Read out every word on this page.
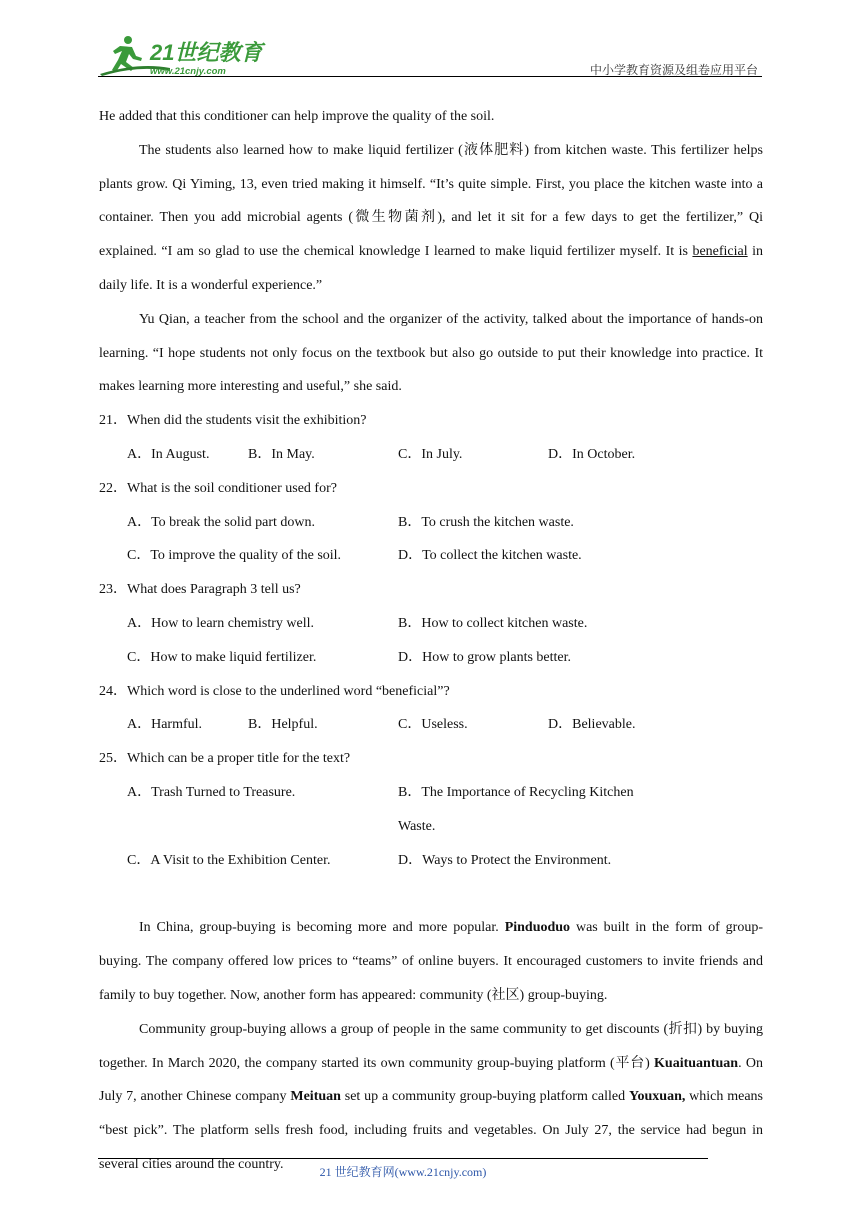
21世纪教育
www.21cnjy.com	中小学教育资源及组卷应用平台

He added that this conditioner can help improve the quality of the soil.

The students also learned how to make liquid fertilizer (液体肥料) from kitchen waste. This fertilizer helps plants grow. Qi Yiming, 13, even tried making it himself. “It’s quite simple. First, you place the kitchen waste into a container. Then you add microbial agents (微生物菌剂), and let it sit for a few days to get the fertilizer,” Qi explained. “I am so glad to use the chemical knowledge I learned to make liquid fertilizer myself. It is beneficial in daily life. It is a wonderful experience.”

Yu Qian, a teacher from the school and the organizer of the activity, talked about the importance of hands-on learning. “I hope students not only focus on the textbook but also go outside to put their knowledge into practice. It makes learning more interesting and useful,” she said.

21．When did the students visit the exhibition?
A．In August.	B．In May.	C．In July.	D．In October.
22．What is the soil conditioner used for?
A．To break the solid part down.	B．To crush the kitchen waste.
C．To improve the quality of the soil.	D．To collect the kitchen waste.
23．What does Paragraph 3 tell us?
A．How to learn chemistry well.	B．How to collect kitchen waste.
C．How to make liquid fertilizer.	D．How to grow plants better.
24．Which word is close to the underlined word “beneficial”?
A．Harmful.	B．Helpful.	C．Useless.	D．Believable.
25．Which can be a proper title for the text?
A．Trash Turned to Treasure.	B．The Importance of Recycling Kitchen Waste.
C．A Visit to the Exhibition Center.	D．Ways to Protect the Environment.

In China, group-buying is becoming more and more popular. Pinduoduo was built in the form of group-buying. The company offered low prices to “teams” of online buyers. It encouraged customers to invite friends and family to buy together. Now, another form has appeared: community (社区) group-buying.

Community group-buying allows a group of people in the same community to get discounts (折扣) by buying together. In March 2020, the company started its own community group-buying platform (平台) Kuaituantuan. On July 7, another Chinese company Meituan set up a community group-buying platform called Youxuan, which means “best pick”. The platform sells fresh food, including fruits and vegetables. On July 27, the service had begun in several cities around the country.

21 世纪教育网(www.21cnjy.com)
